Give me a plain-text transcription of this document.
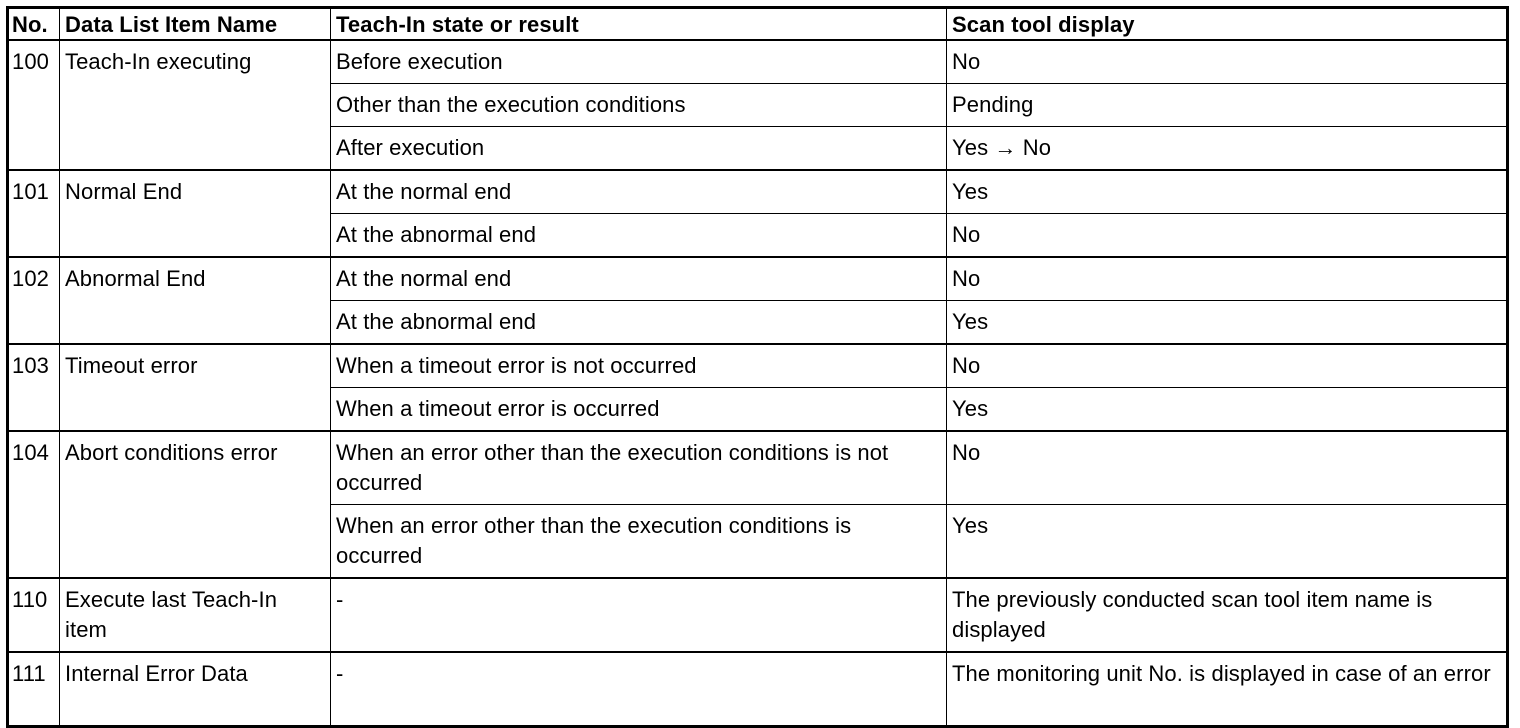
No.	Data List Item Name	Teach-In state or result	Scan tool display
100	Teach-In executing	Before execution	No
		Other than the execution conditions	Pending
		After execution	Yes → No
101	Normal End	At the normal end	Yes
		At the abnormal end	No
102	Abnormal End	At the normal end	No
		At the abnormal end	Yes
103	Timeout error	When a timeout error is not occurred	No
		When a timeout error is occurred	Yes
104	Abort conditions error	When an error other than the execution conditions is not occurred	No
		When an error other than the execution conditions is occurred	Yes
110	Execute last Teach-In item	-	The previously conducted scan tool item name is displayed
111	Internal Error Data	-	The monitoring unit No. is displayed in case of an error
